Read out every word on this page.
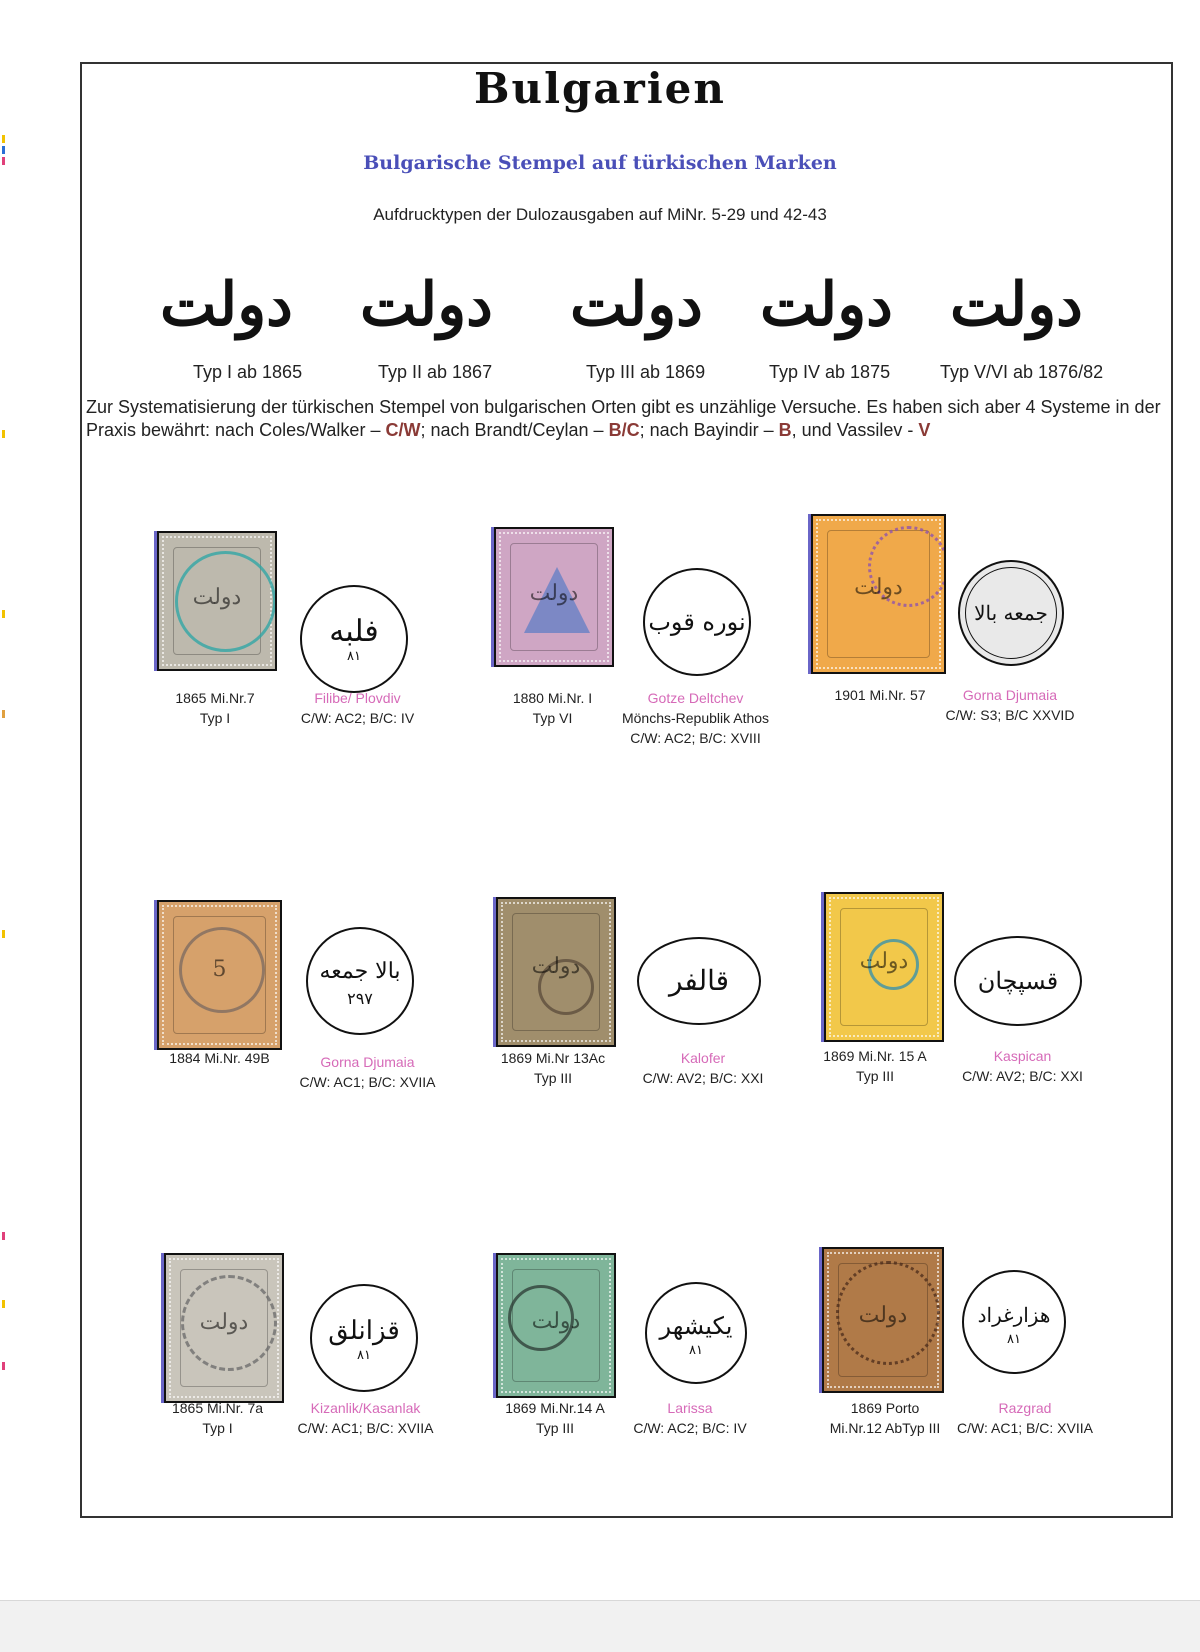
Bulgarien
Bulgarische Stempel auf türkischen Marken
Aufdrucktypen der Dulozausgaben auf MiNr. 5-29 und 42-43
دولت دولت دولت دولت دولت
Typ I ab 1865	Typ II ab 1867	Typ III ab 1869	Typ IV ab 1875	Typ V/VI ab 1876/82
Zur Systematisierung der türkischen Stempel von bulgarischen Orten gibt es unzählige Versuche. Es haben sich aber 4 Systeme in der Praxis bewährt: nach Coles/Walker – C/W; nach Brandt/Ceylan – B/C; nach Bayindir – B, und Vassilev - V
دولت
فلبه
٨١
1865 Mi.Nr.7
Typ I
Filibe/ Plovdiv
C/W: AC2; B/C: IV
دولت
نوره قوب
1880 Mi.Nr. I
Typ VI
Gotze Deltchev
Mönchs-Republik Athos
C/W: AC2; B/C: XVIII
دولت
جمعه بالا
1901 Mi.Nr. 57	Gorna Djumaia
C/W: S3; B/C XXVID
5	بالا جمعه
٢٩٧
1884 Mi.Nr. 49B	Gorna Djumaia
C/W: AC1; B/C: XVIIA
دولت	قالفر
1869 Mi.Nr 13Ac
Typ III
Kalofer
C/W: AV2; B/C: XXI
دولت
قسپچان
1869 Mi.Nr. 15 A
Typ III
Kaspican
C/W: AV2; B/C: XXI
دولت	قزانلق
٨١
1865 Mi.Nr. 7a
Typ I
Kizanlik/Kasanlak
C/W: AC1; B/C: XVIIA
دولت	يكيشهر
٨١
1869 Mi.Nr.14 A
Typ III
Larissa
C/W: AC2; B/C: IV
دولت	هزارغراد
٨١
1869 Porto
Mi.Nr.12 AbTyp III
Razgrad
C/W: AC1; B/C: XVIIA
